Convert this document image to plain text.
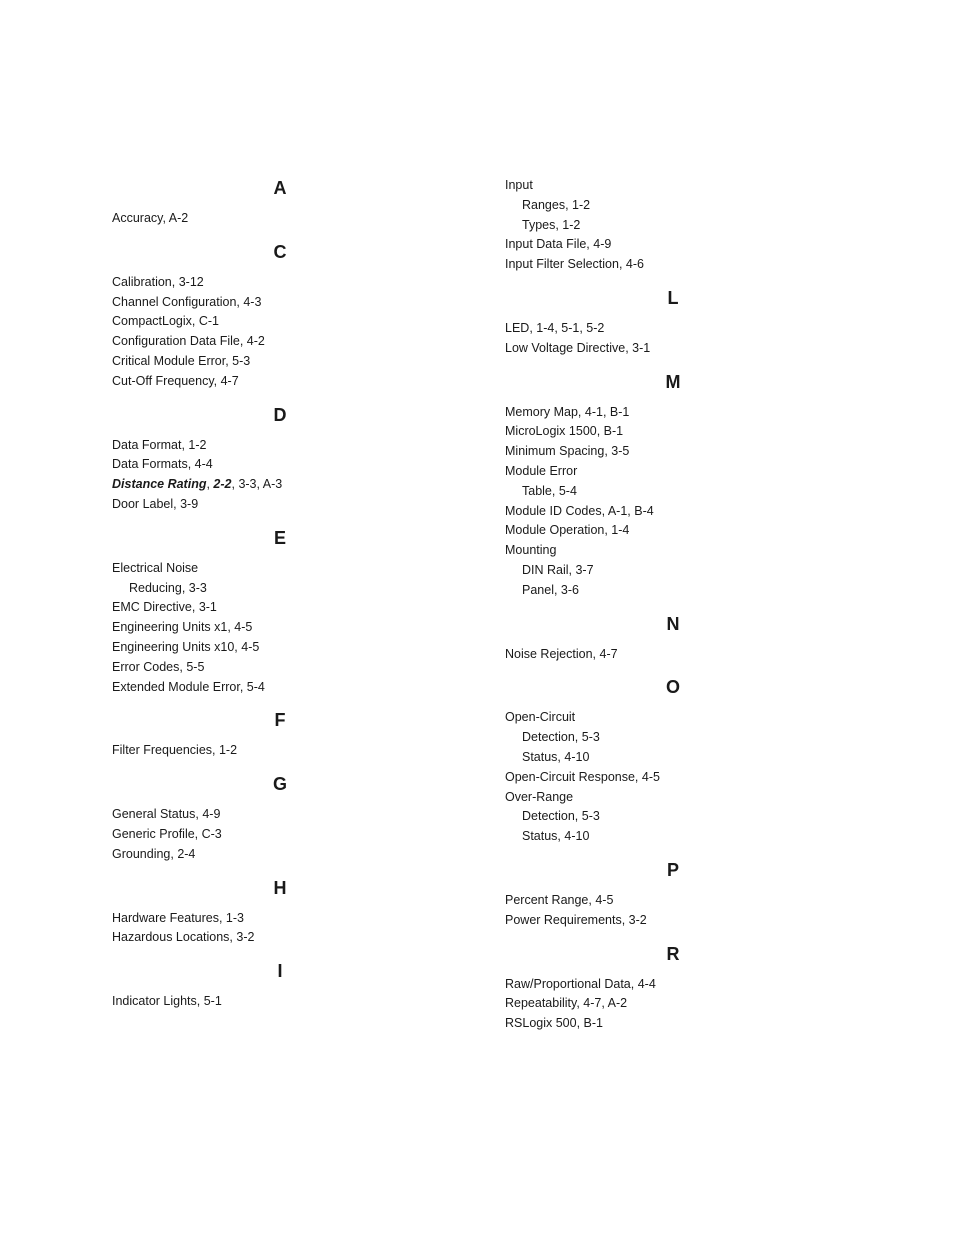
A
Accuracy, A-2
C
Calibration, 3-12
Channel Configuration, 4-3
CompactLogix, C-1
Configuration Data File, 4-2
Critical Module Error, 5-3
Cut-Off Frequency, 4-7
D
Data Format, 1-2
Data Formats, 4-4
Distance Rating, 2-2, 3-3, A-3
Door Label, 3-9
E
Electrical Noise
Reducing, 3-3
EMC Directive, 3-1
Engineering Units x1, 4-5
Engineering Units x10, 4-5
Error Codes, 5-5
Extended Module Error, 5-4
F
Filter Frequencies, 1-2
G
General Status, 4-9
Generic Profile, C-3
Grounding, 2-4
H
Hardware Features, 1-3
Hazardous Locations, 3-2
I
Indicator Lights, 5-1
Input
Ranges, 1-2
Types, 1-2
Input Data File, 4-9
Input Filter Selection, 4-6
L
LED, 1-4, 5-1, 5-2
Low Voltage Directive, 3-1
M
Memory Map, 4-1, B-1
MicroLogix 1500, B-1
Minimum Spacing, 3-5
Module Error
Table, 5-4
Module ID Codes, A-1, B-4
Module Operation, 1-4
Mounting
DIN Rail, 3-7
Panel, 3-6
N
Noise Rejection, 4-7
O
Open-Circuit
Detection, 5-3
Status, 4-10
Open-Circuit Response, 4-5
Over-Range
Detection, 5-3
Status, 4-10
P
Percent Range, 4-5
Power Requirements, 3-2
R
Raw/Proportional Data, 4-4
Repeatability, 4-7, A-2
RSLogix 500, B-1
